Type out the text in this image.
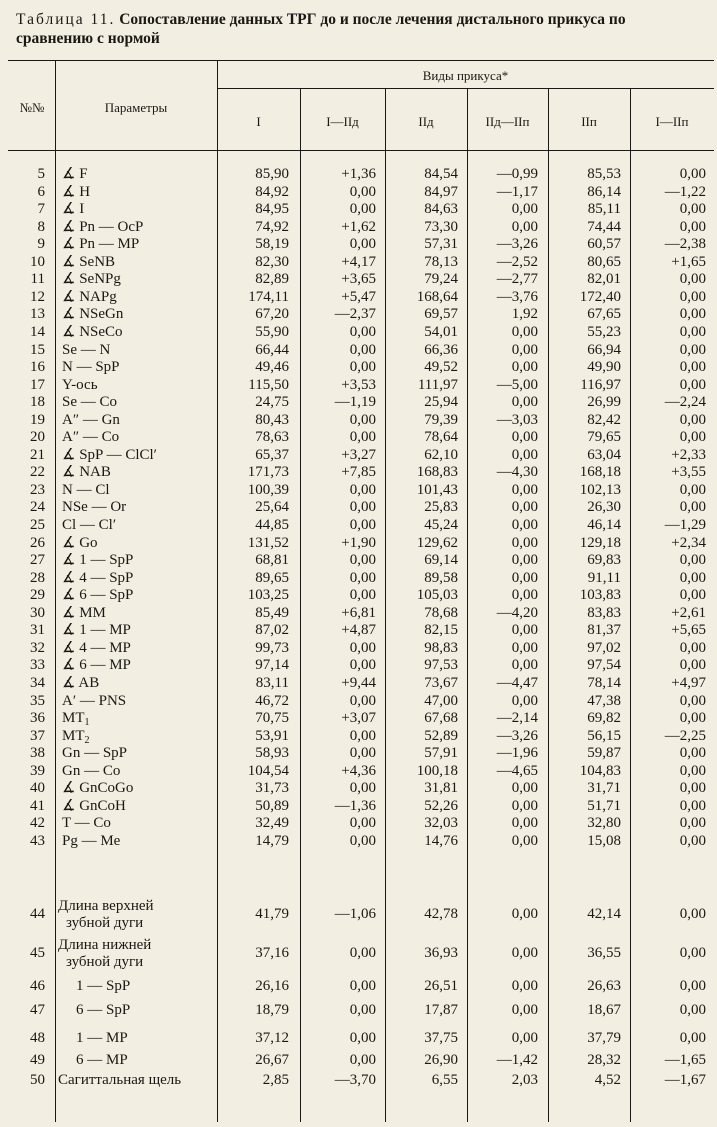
Таблица 11. Сопоставление данных ТРГ до и после лечения дистального прикуса по сравнению с нормой
№№	Параметры
Виды прикуса*
I	I—IIд	IIд	IIд—IIп	IIп	I—IIп
5 ∡ F	85,90	+1,36	84,54	—0,99	85,53	0,00
6 ∡ H	84,92	0,00	84,97	—1,17	86,14	—1,22
7 ∡ I	84,95	0,00	84,63	0,00	85,11	0,00
8 ∡ Pn — OcP	74,92	+1,62	73,30	0,00	74,44	0,00
9 ∡ Pn — MP	58,19	0,00	57,31	—3,26	60,57	—2,38
10 ∡ SeNB	82,30	+4,17	78,13	—2,52	80,65	+1,65
11 ∡ SeNPg	82,89	+3,65	79,24	—2,77	82,01	0,00
12 ∡ NAPg	174,11	+5,47	168,64	—3,76	172,40	0,00
13 ∡ NSeGn	67,20	—2,37	69,57	1,92	67,65	0,00
14 ∡ NSeCo	55,90	0,00	54,01	0,00	55,23	0,00
15 Se — N	66,44	0,00	66,36	0,00	66,94	0,00
16 N — SpP	49,46	0,00	49,52	0,00	49,90	0,00
17 Y-ось	115,50	+3,53	111,97	—5,00	116,97	0,00
18 Se — Co	24,75	—1,19	25,94	0,00	26,99	—2,24
19 A″ — Gn	80,43	0,00	79,39	—3,03	82,42	0,00
20 A″ — Co	78,63	0,00	78,64	0,00	79,65	0,00
21 ∡ SpP — ClCl′	65,37	+3,27	62,10	0,00	63,04	+2,33
22 ∡ NAB	171,73	+7,85	168,83	—4,30	168,18	+3,55
23 N — Cl	100,39	0,00	101,43	0,00	102,13	0,00
24 NSe — Or	25,64	0,00	25,83	0,00	26,30	0,00
25 Cl — Cl′	44,85	0,00	45,24	0,00	46,14	—1,29
26 ∡ Go	131,52	+1,90	129,62	0,00	129,18	+2,34
27 ∡ 1 — SpP	68,81	0,00	69,14	0,00	69,83	0,00
28 ∡ 4 — SpP	89,65	0,00	89,58	0,00	91,11	0,00
29 ∡ 6 — SpP	103,25	0,00	105,03	0,00	103,83	0,00
30 ∡ MM	85,49	+6,81	78,68	—4,20	83,83	+2,61
31 ∡ 1 — MP	87,02	+4,87	82,15	0,00	81,37	+5,65
32 ∡ 4 — MP	99,73	0,00	98,83	0,00	97,02	0,00
33 ∡ 6 — MP	97,14	0,00	97,53	0,00	97,54	0,00
34 ∡ AB	83,11	+9,44	73,67	—4,47	78,14	+4,97
35 A′ — PNS	46,72	0,00	47,00	0,00	47,38	0,00
36 $MT_1$	70,75	+3,07	67,68	—2,14	69,82	0,00
37 $MT_2$	53,91	0,00	52,89	—3,26	56,15	—2,25
38 Gn — SpP	58,93	0,00	57,91	—1,96	59,87	0,00
39 Gn — Co	104,54	+4,36	100,18	—4,65	104,83	0,00
40 ∡ GnCoGo	31,73	0,00	31,81	0,00	31,71	0,00
41 ∡ GnCoH	50,89	—1,36	52,26	0,00	51,71	0,00
42 T — Co	32,49	0,00	32,03	0,00	32,80	0,00
43 Pg — Me	14,79	0,00	14,76	0,00	15,08	0,00
44 Длина верхней
зубной дуги
41,79	—1,06	42,78	0,00	42,14	0,00
45 Длина нижней
зубной дуги
37,16	0,00	36,93	0,00	36,55	0,00
46 1 — SpP	26,16	0,00	26,51	0,00	26,63	0,00
47 6 — SpP	18,79	0,00	17,87	0,00	18,67	0,00
48 1 — MP	37,12	0,00	37,75	0,00	37,79	0,00
49 6 — MP	26,67	0,00	26,90	—1,42	28,32	—1,65
50 Сагиттальная щель	2,85	—3,70	6,55	2,03	4,52	—1,67
